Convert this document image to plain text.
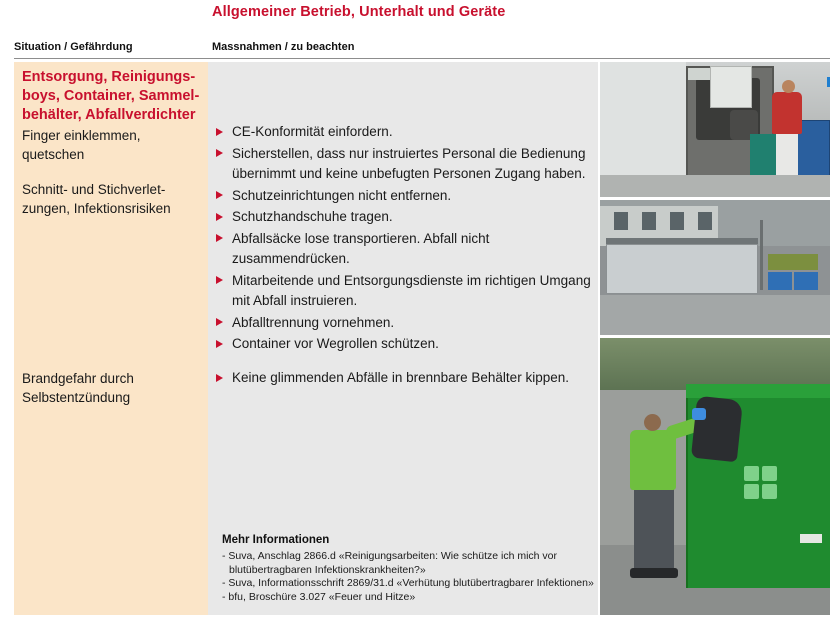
Allgemeiner Betrieb, Unterhalt und Geräte
Situation / Gefährdung	Massnahmen / zu beachten
Entsorgung, Reinigungs-boys, Container, Sammel-behälter, Abfallverdichter
Finger einklemmen, quetschen
Schnitt- und Stichverlet-zungen, Infektionsrisiken
Brandgefahr durch Selbstentzündung
CE-Konformität einfordern.
Sicherstellen, dass nur instruiertes Personal die Bedienung übernimmt und keine unbefugten Personen Zugang haben.
Schutzeinrichtungen nicht entfernen.
Schutzhandschuhe tragen.
Abfallsäcke lose transportieren. Abfall nicht zusammendrücken.
Mitarbeitende und Entsorgungsdienste im richtigen Umgang mit Abfall instruieren.
Abfalltrennung vornehmen.
Container vor Wegrollen schützen.
Keine glimmenden Abfälle in brennbare Behälter kippen.
Mehr Informationen
- Suva, Anschlag 2866.d «Reinigungsarbeiten: Wie schütze ich mich vor
blutübertragbaren Infektionskrankheiten?»
- Suva, Informationsschrift 2869/31.d «Verhütung blutübertragbarer Infektionen»
- bfu, Broschüre 3.027 «Feuer und Hitze»
